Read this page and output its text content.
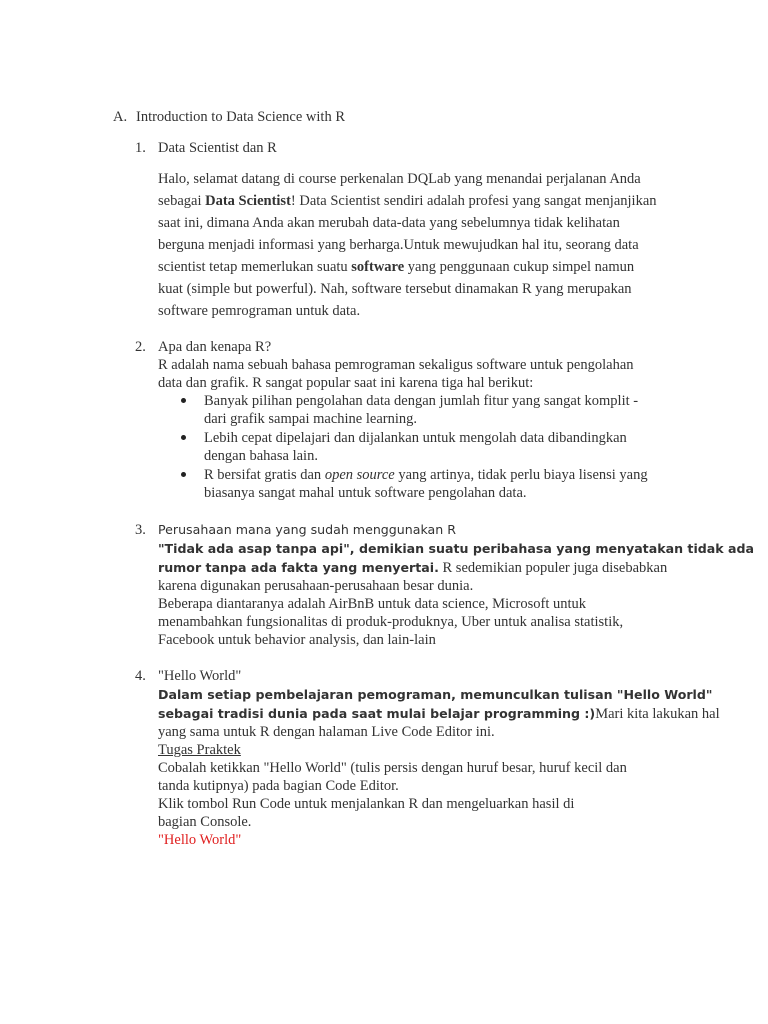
A. Introduction to Data Science with R
1. Data Scientist dan R
Halo, selamat datang di course perkenalan DQLab yang menandai perjalanan Anda
sebagai Data Scientist! Data Scientist sendiri adalah profesi yang sangat menjanjikan
saat ini, dimana Anda akan merubah data-data yang sebelumnya tidak kelihatan
berguna menjadi informasi yang berharga.Untuk mewujudkan hal itu, seorang data
scientist tetap memerlukan suatu software yang penggunaan cukup simpel namun
kuat (simple but powerful). Nah, software tersebut dinamakan R yang merupakan
software pemrograman untuk data.
2. Apa dan kenapa R?
R adalah nama sebuah bahasa pemrograman sekaligus software untuk pengolahan
data dan grafik. R sangat popular saat ini karena tiga hal berikut:
Banyak pilihan pengolahan data dengan jumlah fitur yang sangat komplit -
dari grafik sampai machine learning.
Lebih cepat dipelajari dan dijalankan untuk mengolah data dibandingkan
dengan bahasa lain.
R bersifat gratis dan open source yang artinya, tidak perlu biaya lisensi yang
biasanya sangat mahal untuk software pengolahan data.
3. Perusahaan mana yang sudah menggunakan R
"Tidak ada asap tanpa api", demikian suatu peribahasa yang menyatakan tidak ada
rumor tanpa ada fakta yang menyertai. R sedemikian populer juga disebabkan
karena digunakan perusahaan-perusahaan besar dunia.
Beberapa diantaranya adalah AirBnB untuk data science, Microsoft untuk
menambahkan fungsionalitas di produk-produknya, Uber untuk analisa statistik,
Facebook untuk behavior analysis, dan lain-lain
4. "Hello World"
Dalam setiap pembelajaran pemograman, memunculkan tulisan "Hello World"
sebagai tradisi dunia pada saat mulai belajar programming :)Mari kita lakukan hal
yang sama untuk R dengan halaman Live Code Editor ini.
Tugas Praktek
Cobalah ketikkan "Hello World" (tulis persis dengan huruf besar, huruf kecil dan
tanda kutipnya) pada bagian Code Editor.
Klik tombol Run Code untuk menjalankan R dan mengeluarkan hasil di
bagian Console.
"Hello World"
